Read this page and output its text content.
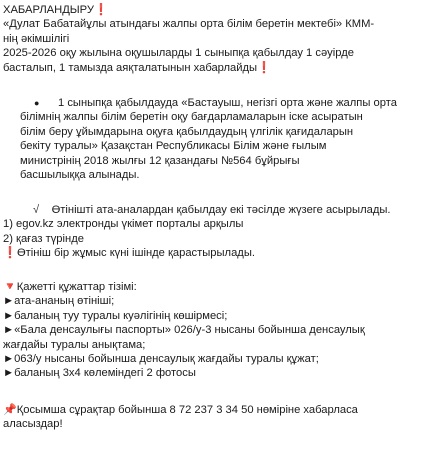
ХАБАРЛАНДЫРУ❗
«Дулат Бабатайұлы атындағы жалпы орта білім беретін мектебі» КММ-
нің әкімшілігі
2025-2026 оқу жылына оқушыларды 1 сыныпқа қабылдау 1 сәуірде
басталып, 1 тамызда аяқталатынын хабарлайды❗
● 1 сыныпқа қабылдауда «Бастауыш, негізгі орта және жалпы орта
білімнің жалпы білім беретін оқу бағдарламаларын іске асыратын
білім беру ұйымдарына оқуға қабылдаудың үлгілік қағидаларын
бекіту туралы» Қазақстан Республикасы Білім және ғылым
министрінің 2018 жылғы 12 қазандағы №564 бұйрығы
басшылыққа алынады.
√ Өтінішті ата-аналардан қабылдау екі тәсілде жүзеге асырылады.
1) egov.kz электронды үкімет порталы арқылы
2) қағаз түрінде
❗Өтініш бір жұмыс күні ішінде қарастырылады.
🔻Қажетті құжаттар тізімі:
►ата-ананың өтініші;
►баланың туу туралы куәлігінің көшірмесі;
►«Бала денсаулығы паспорты» 026/у-3 нысаны бойынша денсаулық
жағдайы туралы анықтама;
►063/у нысаны бойынша денсаулық жағдайы туралы құжат;
►баланың 3х4 көлеміндегі 2 фотосы
📌Қосымша сұрақтар бойынша 8 72 237 3 34 50 нөміріне хабарласа
аласыздар!
